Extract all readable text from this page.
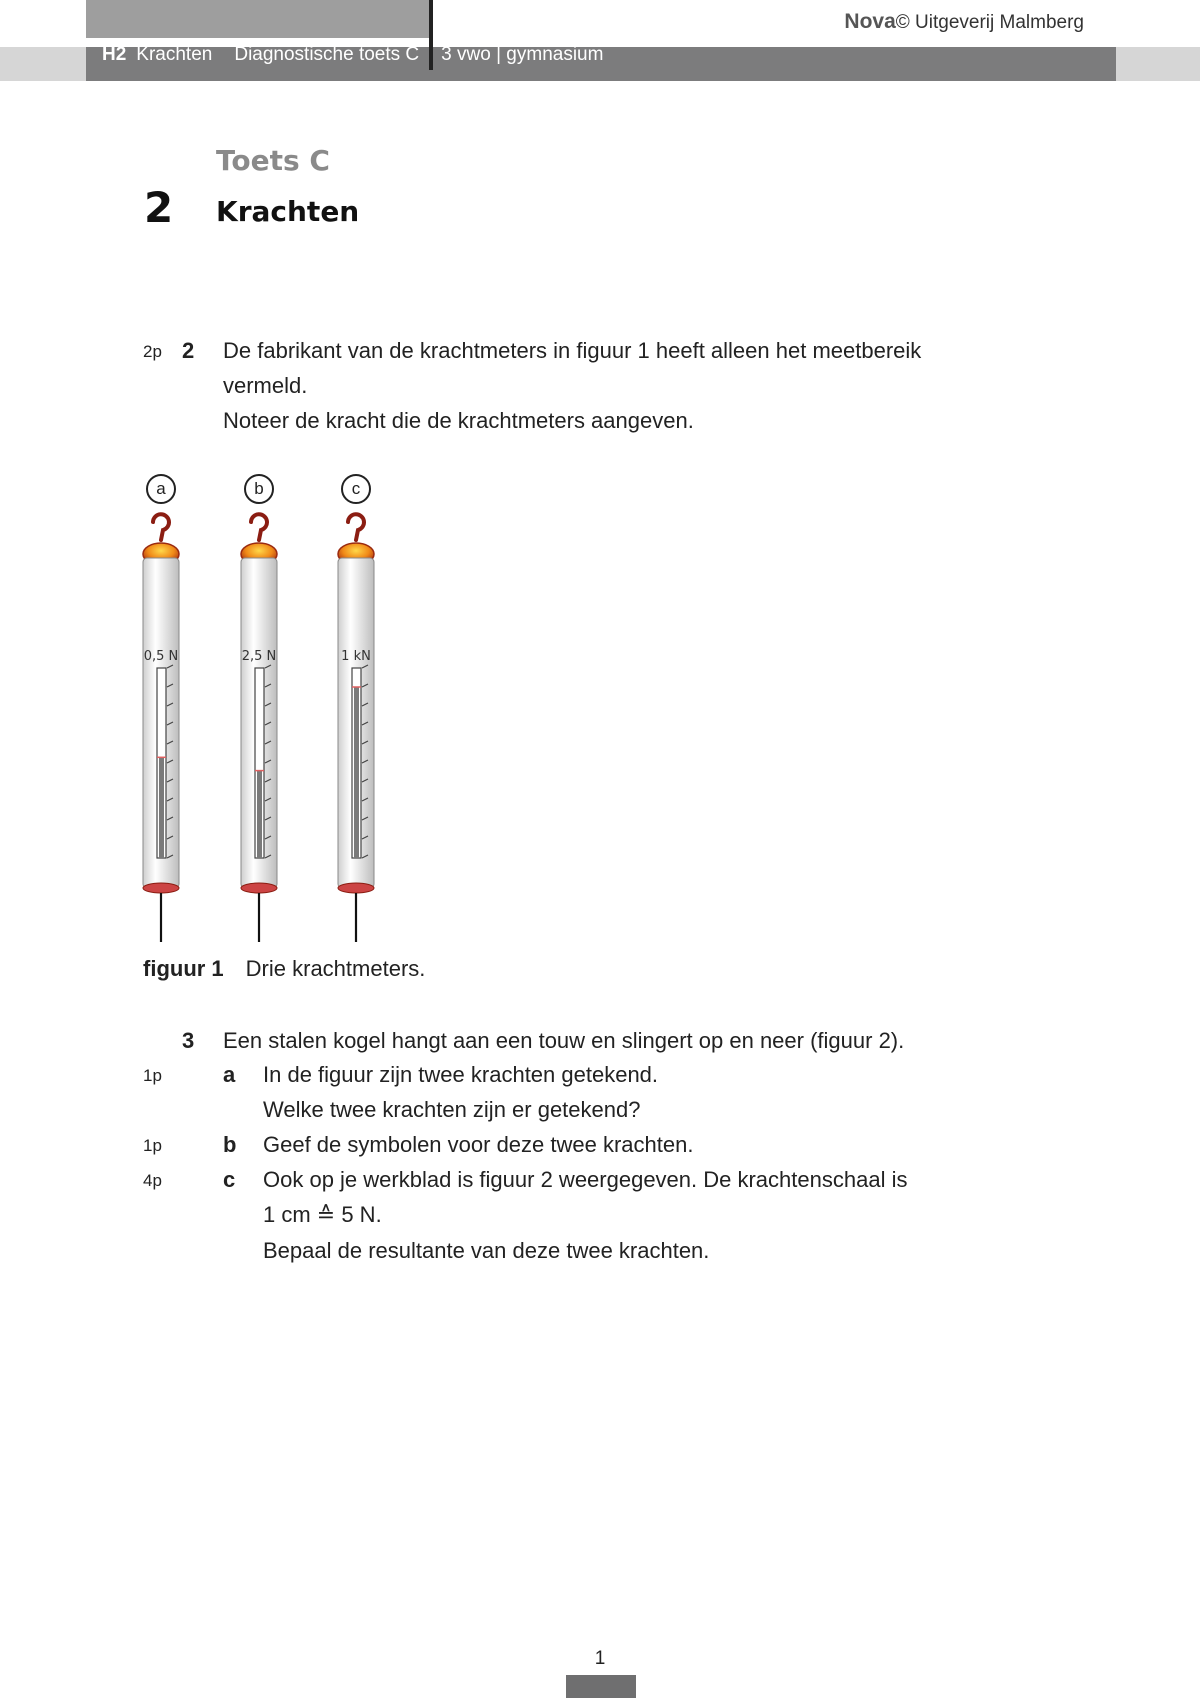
H2 Krachten Diagnostische toets C 3 vwo | gymnasium
Nova© Uitgeverij Malmberg
Toets C
2 Krachten
2p 2 De fabrikant van de krachtmeters in figuur 1 heeft alleen het meetbereik
vermeld.
Noteer de kracht die de krachtmeters aangeven.
a	b	c
0,5 N	2,5 N	1 kN
figuur 1 Drie krachtmeters.
3 Een stalen kogel hangt aan een touw en slingert op en neer (figuur 2).
1p	a In de figuur zijn twee krachten getekend.
Welke twee krachten zijn er getekend?
1p	b Geef de symbolen voor deze twee krachten.
4p	c Ook op je werkblad is figuur 2 weergegeven. De krachtenschaal is
1 cm ≙ 5 N.
Bepaal de resultante van deze twee krachten.
1
